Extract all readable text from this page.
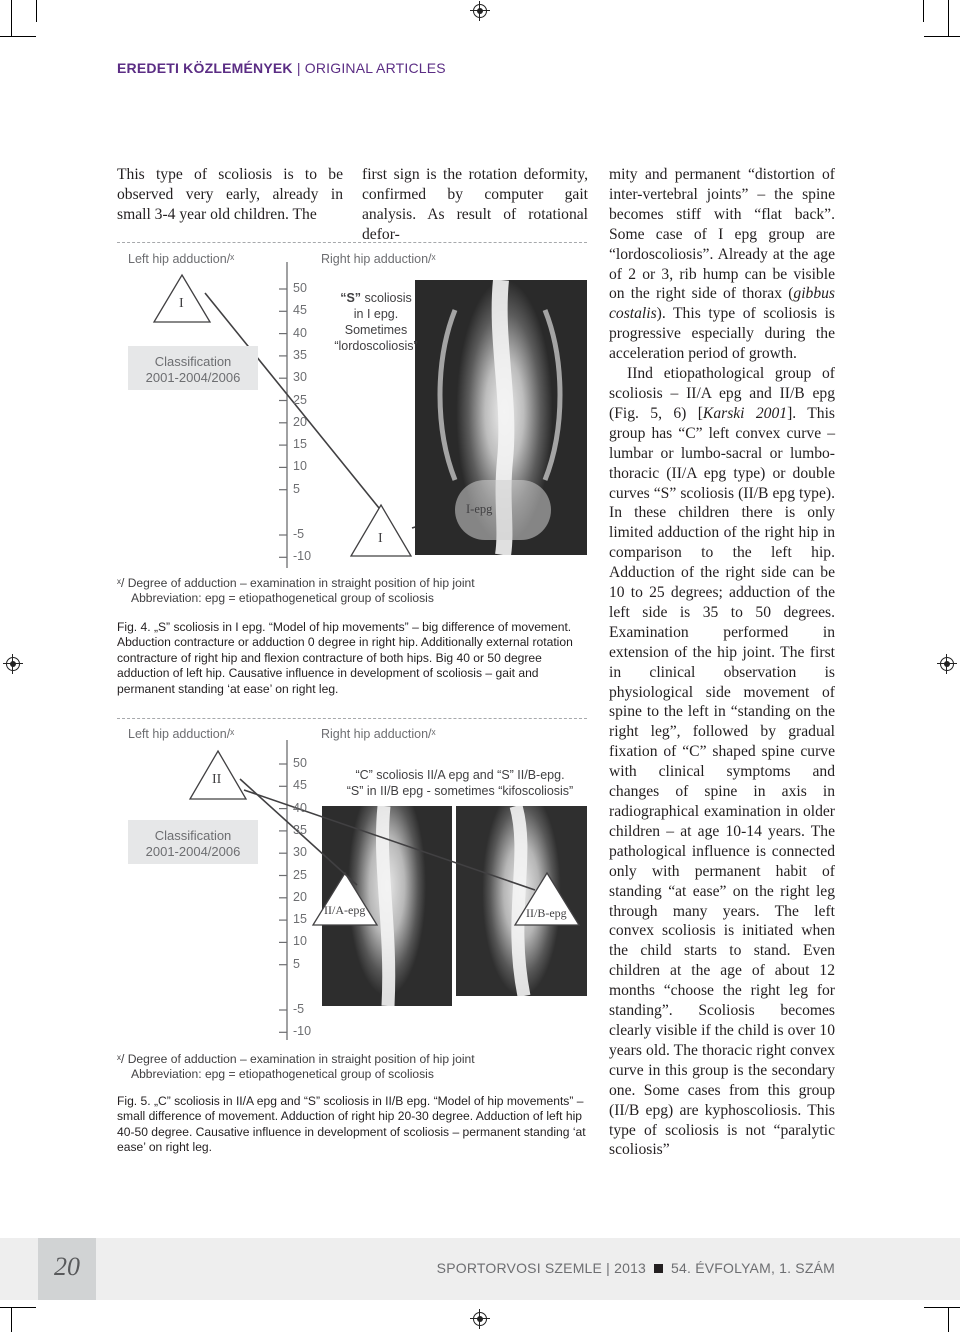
EREDETI KÖZLEMÉNYEK | ORIGINAL ARTICLES
This type of scoliosis is to be observed very early, already in small 3-4 year old children. The
first sign is the rotation deformity, confirmed by computer gait analysis. As result of rotational defor-

mity and permanent “distortion of inter-vertebral joints” – the spine becomes stiff with “flat back”. Some case of I epg group are “lordoscoliosis”. Already at the age of 2 or 3, rib hump can be visible on the right side of thorax (gibbus costalis). This type of scoliosis is progressive especially during the acceleration period of growth.

IInd etiopathological group of scoliosis – II/A epg and II/B epg (Fig. 5, 6) [Karski 2001]. This group has “C” left convex curve – lumbar or lumbo-sacral or lumbo-thoracic (II/A epg type) or double curves “S” scoliosis (II/B epg type). In these children there is only limited adduction of the right hip in comparison to the left hip. Adduction of the right side can be 10 to 25 degrees; adduction of the left side is 35 to 50 degrees. Examination performed in extension of the hip joint. The first in clinical observation is physiological side movement of spine to the left in “standing on the right leg”, followed by gradual fixation of “C” shaped spine curve with clinical symptoms and changes of spine in axis in radiographical examination in older children – at age 10-14 years. The pathological influence is connected only with permanent habit of standing “at ease” on the right leg through many years. The left convex scoliosis is initiated when the child starts to stand. Even children at the age of about 12 months “choose the right leg for standing”. Scoliosis becomes clearly visible if the child is over 10 years old. The thoracic right convex curve in this group is the secondary one. Some cases from this group (II/B epg) are kyphoscoliosis. This type of scoliosis is not “paralytic scoliosis”

Left hip adduction/ˣ	Right hip adduction/ˣ
Classification
2001-2004/2006
I
50
45
40
35
30
25
20
15
10
5
-5
-10
“S” scoliosis
in I epg.
Sometimes
“lordoscoliosis”
I
I-epg
ˣ/ Degree of adduction – examination in straight position of hip joint
Abbreviation: epg = etiopathogenetical group of scoliosis
Fig. 4. „S” scoliosis in I epg. “Model of hip movements” – big difference of movement. Abduction contracture or adduction 0 degree in right hip. Additionally external rotation contracture of right hip and flexion contracture of both hips. Big 40 or 50 degree adduction of left hip. Causative influence in development of scoliosis – gait and permanent standing ‘at ease’ on right leg.
Left hip adduction/ˣ	Right hip adduction/ˣ
Classification
2001-2004/2006
II
50
45
40
35
30
25
20
15
10
5
-5
-10
“C” scoliosis II/A epg and “S” II/B-epg.
“S” in II/B epg - sometimes “kifoscoliosis”
II/A-epg	II/B-epg
ˣ/ Degree of adduction – examination in straight position of hip joint
Abbreviation: epg = etiopathogenetical group of scoliosis
Fig. 5. „C” scoliosis in II/A epg and “S” scoliosis in II/B epg. “Model of hip movements” – small difference of movement. Adduction of right hip 20-30 degree. Adduction of left hip 40-50 degree. Causative influence in development of scoliosis – permanent standing ‘at ease’ on right leg.
20	SPORTORVOSI SZEMLE | 2013 54. ÉVFOLYAM, 1. SZÁM
